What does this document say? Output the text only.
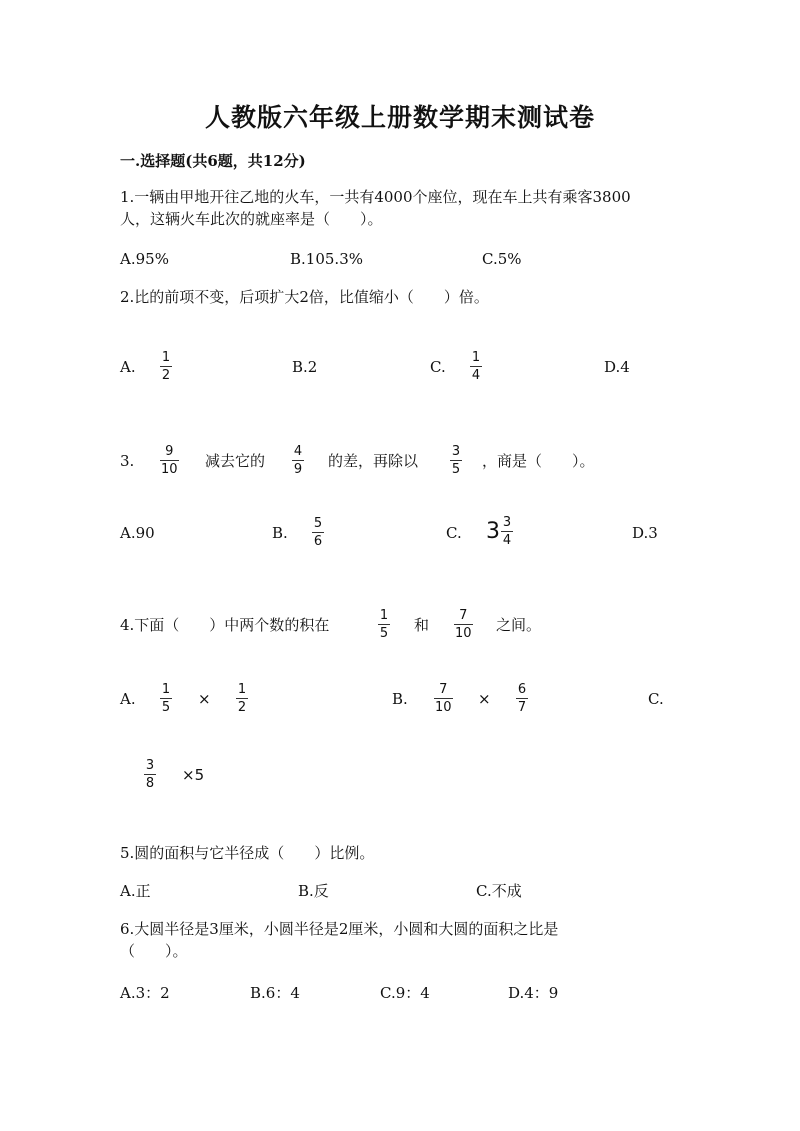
人教版六年级上册数学期末测试卷
一.选择题(共6题，共12分)
1.一辆由甲地开往乙地的火车，一共有4000个座位，现在车上共有乘客3800
人，这辆火车此次的就座率是（　　）。
A.95%	B.105.3%	C.5%
2.比的前项不变，后项扩大2倍，比值缩小（　　）倍。
A.
1
2	B.2	C.
1
4	D.4
3.
9
10 减去它的
4
9 的差，再除以
3
5 ，商是（　　）。
A.90	B.
5
6	C. $3 \frac{3}{4}$	D.3
4.下面（　　）中两个数的积在
1
5 和
7
10 之间。
A.
1
5 ×
1
2	B.
7
10 ×
6
7	C.
3
8 ×5
5.圆的面积与它半径成（　　）比例。
A.正	B.反	C.不成
6.大圆半径是3厘米，小圆半径是2厘米，小圆和大圆的面积之比是
（　　）。
A.3：2	B.6：4	C.9：4	D.4：9
